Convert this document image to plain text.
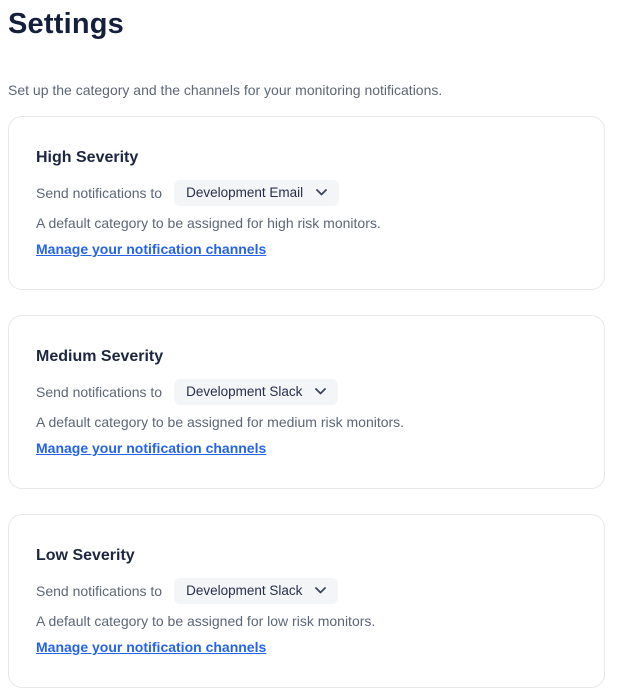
Settings

Set up the category and the channels for your monitoring notifications.

High Severity
Send notifications to Development Email

A default category to be assigned for high risk monitors.

Manage your notification channels
Medium Severity
Send notifications to Development Slack

A default category to be assigned for medium risk monitors.

Manage your notification channels
Low Severity
Send notifications to Development Slack

A default category to be assigned for low risk monitors.

Manage your notification channels
